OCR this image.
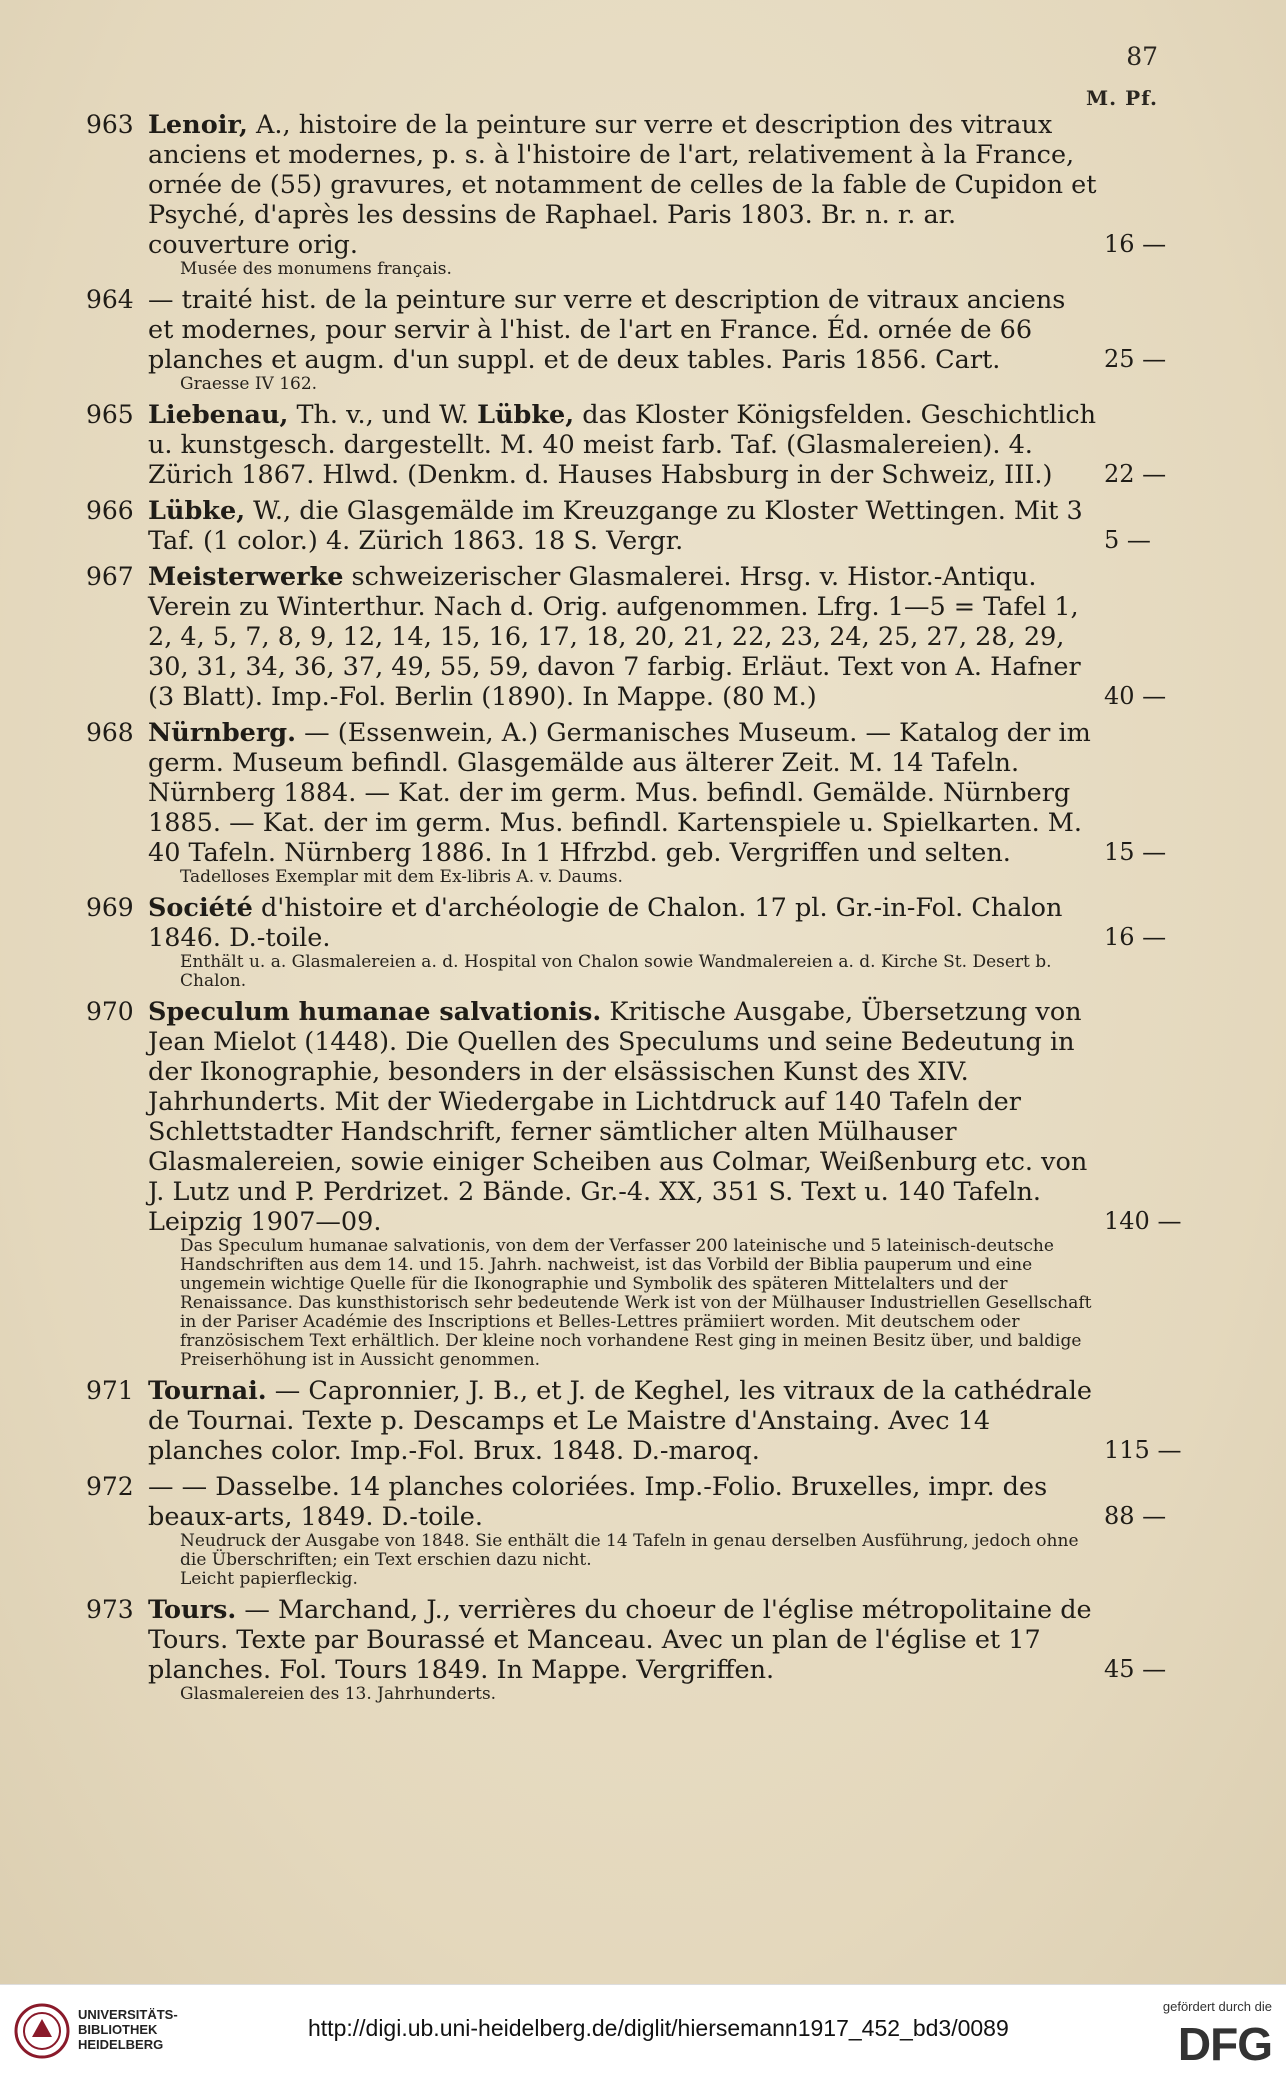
87
M. Pf.
963 Lenoir, A., histoire de la peinture sur verre et description des vitraux anciens et modernes, p. s. à l'histoire de l'art, relativement à la France, ornée de (55) gravures, et notamment de celles de la fable de Cupidon et Psyché, d'après les dessins de Raphael. Paris 1803. Br. n. r. ar. couverture orig.	16 —
Musée des monumens français.
964 — traité hist. de la peinture sur verre et description de vitraux anciens et modernes, pour servir à l'hist. de l'art en France. Éd. ornée de 66 planches et augm. d'un suppl. et de deux tables. Paris 1856. Cart.	25 —
Graesse IV 162.
965 Liebenau, Th. v., und W. Lübke, das Kloster Königsfelden. Geschichtlich u. kunstgesch. dargestellt. M. 40 meist farb. Taf. (Glasmalereien). 4. Zürich 1867. Hlwd. (Denkm. d. Hauses Habsburg in der Schweiz, III.)	22 —
966 Lübke, W., die Glasgemälde im Kreuzgange zu Kloster Wettingen. Mit 3 Taf. (1 color.) 4. Zürich 1863. 18 S. Vergr.	5 —
967 Meisterwerke schweizerischer Glasmalerei. Hrsg. v. Histor.-Antiqu. Verein zu Winterthur. Nach d. Orig. aufgenommen. Lfrg. 1—5 = Tafel 1, 2, 4, 5, 7, 8, 9, 12, 14, 15, 16, 17, 18, 20, 21, 22, 23, 24, 25, 27, 28, 29, 30, 31, 34, 36, 37, 49, 55, 59, davon 7 farbig. Erläut. Text von A. Hafner (3 Blatt). Imp.-Fol. Berlin (1890). In Mappe. (80 M.)	40 —
968 Nürnberg. — (Essenwein, A.) Germanisches Museum. — Katalog der im germ. Museum befindl. Glasgemälde aus älterer Zeit. M. 14 Tafeln. Nürnberg 1884. — Kat. der im germ. Mus. befindl. Gemälde. Nürnberg 1885. — Kat. der im germ. Mus. befindl. Kartenspiele u. Spielkarten. M. 40 Tafeln. Nürnberg 1886. In 1 Hfrzbd. geb. Vergriffen und selten.	15 —
Tadelloses Exemplar mit dem Ex-libris A. v. Daums.
969 Société d'histoire et d'archéologie de Chalon. 17 pl. Gr.-in-Fol. Chalon 1846. D.-toile.	16 —
Enthält u. a. Glasmalereien a. d. Hospital von Chalon sowie Wandmalereien a. d. Kirche St. Desert b. Chalon.
970 Speculum humanae salvationis. Kritische Ausgabe, Übersetzung von Jean Mielot (1448). Die Quellen des Speculums und seine Bedeutung in der Ikonographie, besonders in der elsässischen Kunst des XIV. Jahrhunderts. Mit der Wiedergabe in Lichtdruck auf 140 Tafeln der Schlettstadter Handschrift, ferner sämtlicher alten Mülhauser Glasmalereien, sowie einiger Scheiben aus Colmar, Weißenburg etc. von J. Lutz und P. Perdrizet. 2 Bände. Gr.-4. XX, 351 S. Text u. 140 Tafeln. Leipzig 1907—09.	140 —
Das Speculum humanae salvationis, von dem der Verfasser 200 lateinische und 5 lateinisch-deutsche Handschriften aus dem 14. und 15. Jahrh. nachweist, ist das Vorbild der Biblia pauperum und eine ungemein wichtige Quelle für die Ikonographie und Symbolik des späteren Mittelalters und der Renaissance. Das kunsthistorisch sehr bedeutende Werk ist von der Mülhauser Industriellen Gesellschaft in der Pariser Académie des Inscriptions et Belles-Lettres prämiiert worden. Mit deutschem oder französischem Text erhältlich. Der kleine noch vorhandene Rest ging in meinen Besitz über, und baldige Preiserhöhung ist in Aussicht genommen.
971 Tournai. — Capronnier, J. B., et J. de Keghel, les vitraux de la cathédrale de Tournai. Texte p. Descamps et Le Maistre d'Anstaing. Avec 14 planches color. Imp.-Fol. Brux. 1848. D.-maroq.	115 —
972 — — Dasselbe. 14 planches coloriées. Imp.-Folio. Bruxelles, impr. des beaux-arts, 1849. D.-toile.	88 —
Neudruck der Ausgabe von 1848. Sie enthält die 14 Tafeln in genau derselben Ausführung, jedoch ohne die Überschriften; ein Text erschien dazu nicht.
Leicht papierfleckig.
973 Tours. — Marchand, J., verrières du choeur de l'église métropolitaine de Tours. Texte par Bourassé et Manceau. Avec un plan de l'église et 17 planches. Fol. Tours 1849. In Mappe. Vergriffen.	45 —
Glasmalereien des 13. Jahrhunderts.
UNIVERSITÄTS-
BIBLIOTHEK
HEIDELBERG
http://digi.ub.uni-heidelberg.de/diglit/hiersemann1917_452_bd3/0089
gefördert durch die
DFG
